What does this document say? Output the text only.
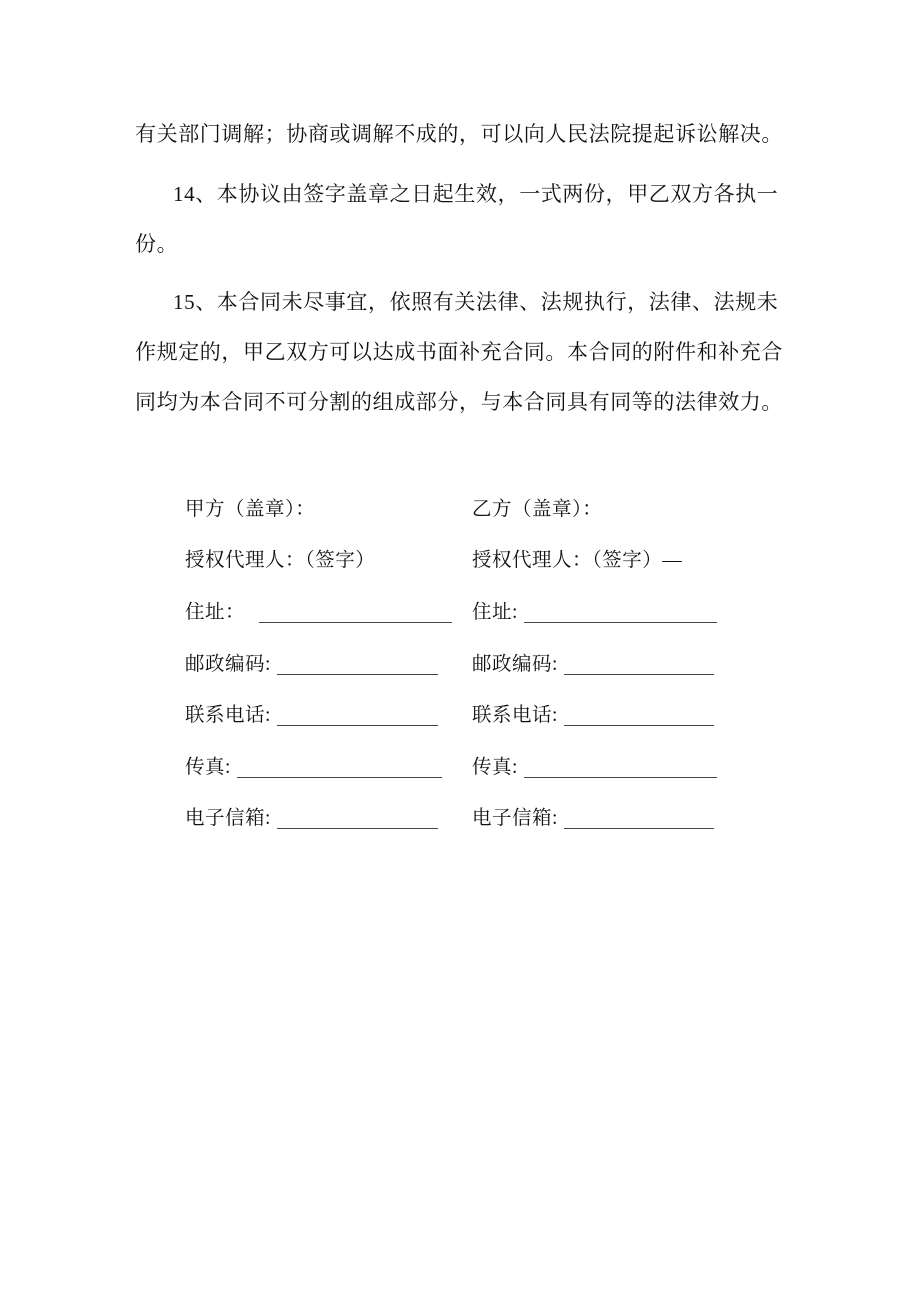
有关部门调解；协商或调解不成的，可以向人民法院提起诉讼解决。
14、本协议由签字盖章之日起生效，一式两份，甲乙双方各执一
份。
15、本合同未尽事宜，依照有关法律、法规执行，法律、法规未
作规定的，甲乙双方可以达成书面补充合同。本合同的附件和补充合
同均为本合同不可分割的组成部分，与本合同具有同等的法律效力。
甲方（盖章）：
授权代理人：（签字）
住址：
邮政编码:
联系电话:
传真:
电子信箱:
乙方（盖章）：
授权代理人：（签字）—
住址:
邮政编码:
联系电话:
传真:
电子信箱:
